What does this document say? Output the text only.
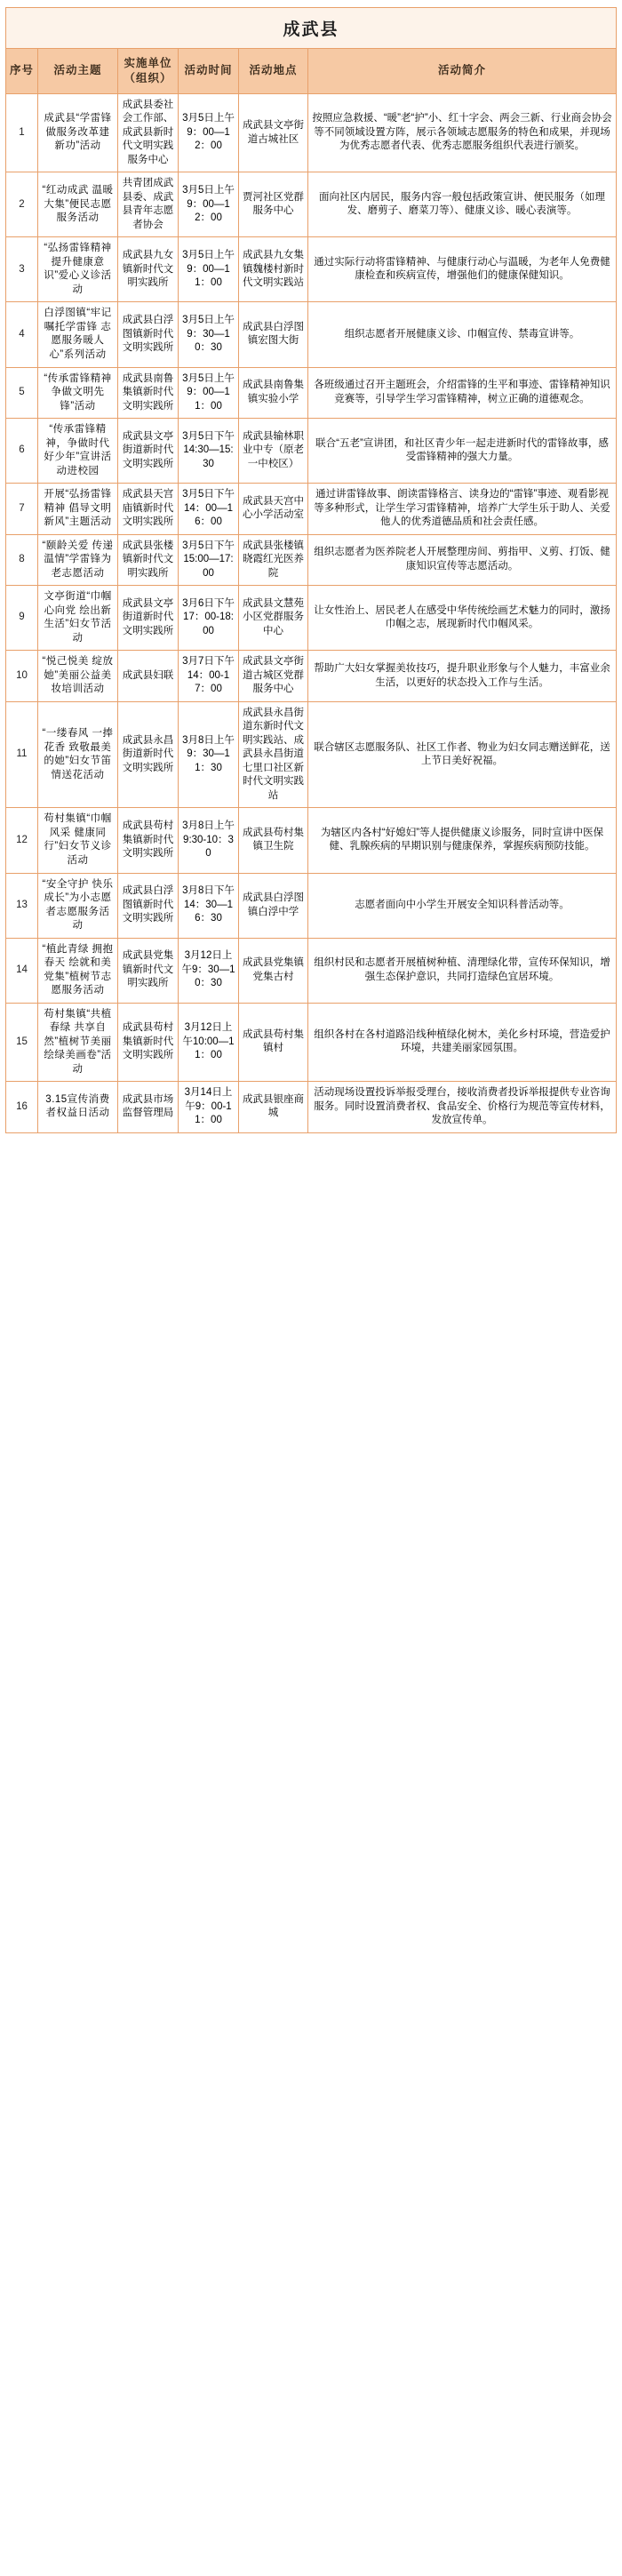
成武县
序号	活动主题	实施单位（组织）	活动时间	活动地点	活动简介
1	成武县“学雷锋 做服务改革建新功”活动	成武县委社会工作部、成武县新时代文明实践服务中心	3月5日上午9：00—12：00	成武县文亭街道古城社区	按照应急救援、“暖”老“护”小、红十字会、两会三新、行业商会协会等不同领域设置方阵，展示各领域志愿服务的特色和成果，并现场为优秀志愿者代表、优秀志愿服务组织代表进行颁奖。
2	“红动成武 温暖大集”便民志愿服务活动	共青团成武县委、成武县青年志愿者协会	3月5日上午9：00—12：00	贾河社区党群服务中心	面向社区内居民，服务内容一般包括政策宣讲、便民服务（如理发、磨剪子、磨菜刀等）、健康义诊、暖心表演等。
3	“弘扬雷锋精神 提升健康意识”爱心义诊活动	成武县九女镇新时代文明实践所	3月5日上午9：00—11：00	成武县九女集镇魏楼村新时代文明实践站	通过实际行动将雷锋精神、与健康行动心与温暖，为老年人免费健康检查和疾病宣传，增强他们的健康保健知识。
4	白浮图镇“牢记嘱托学雷锋 志愿服务暖人心”系列活动	成武县白浮图镇新时代文明实践所	3月5日上午9：30—10：30	成武县白浮图镇宏图大街	组织志愿者开展健康义诊、巾帼宣传、禁毒宣讲等。
5	“传承雷锋精神 争做文明先锋”活动	成武县南鲁集镇新时代文明实践所	3月5日上午9：00—11：00	成武县南鲁集镇实验小学	各班级通过召开主题班会，介绍雷锋的生平和事迹、雷锋精神知识竞赛等，引导学生学习雷锋精神，树立正确的道德观念。
6	“传承雷锋精神，争做时代好少年”宣讲活动进校园	成武县文亭街道新时代文明实践所	3月5日下午14:30—15:30	成武县输林职业中专（原老一中校区）	联合“五老”宣讲团，和社区青少年一起走进新时代的雷锋故事，感受雷锋精神的强大力量。
7	开展“弘扬雷锋精神 倡导文明新风”主题活动	成武县天宫庙镇新时代文明实践所	3月5日下午14：00—16：00	成武县天宫中心小学活动室	通过讲雷锋故事、朗读雷锋格言、读身边的“雷锋”事迹、观看影视等多种形式，让学生学习雷锋精神，培养广大学生乐于助人、关爱他人的优秀道德品质和社会责任感。
8	“颐龄关爱 传递温情”学雷锋为老志愿活动	成武县张楼镇新时代文明实践所	3月5日下午15:00—17:00	成武县张楼镇晓霞红光医养院	组织志愿者为医养院老人开展整理房间、剪指甲、义剪、打饭、健康知识宣传等志愿活动。
9	文亭街道“巾帼心向党 绘出新生活”妇女节活动	成武县文亭街道新时代文明实践所	3月6日下午17：00-18:00	成武县文慧苑小区党群服务中心	让女性治上、居民老人在感受中华传统绘画艺术魅力的同时，激扬巾帼之志，展现新时代巾帼风采。
10	“悦己悦美 绽放她”美丽公益美妆培训活动	成武县妇联	3月7日下午14：00-17：00	成武县文亭街道古城区党群服务中心	帮助广大妇女掌握美妆技巧，提升职业形象与个人魅力，丰富业余生活，以更好的状态投入工作与生活。
11	“一缕春风 一捧花香 致敬最美的她”妇女节笛情送花活动	成武县永昌街道新时代文明实践所	3月8日上午9：30—11：30	成武县永昌街道东新时代文明实践站、成武县永昌街道七里口社区新时代文明实践站	联合辖区志愿服务队、社区工作者、物业为妇女同志赠送鲜花，送上节日美好祝福。
12	苟村集镇“巾帼风采 健康同行”妇女节义诊活动	成武县苟村集镇新时代文明实践所	3月8日上午9:30-10：30	成武县苟村集镇卫生院	为辖区内各村“好媳妇”等人提供健康义诊服务，同时宣讲中医保健、乳腺疾病的早期识别与健康保养，掌握疾病预防技能。
13	“安全守护 快乐成长”为小志愿者志愿服务活动	成武县白浮图镇新时代文明实践所	3月8日下午14：30—16：30	成武县白浮图镇白浮中学	志愿者面向中小学生开展安全知识科普活动等。
14	“植此青绿 拥抱春天 绘就和美党集”植树节志愿服务活动	成武县党集镇新时代文明实践所	3月12日上午9：30—10：30	成武县党集镇党集古村	组织村民和志愿者开展植树种植、清理绿化带，宣传环保知识，增强生态保护意识，共同打造绿色宜居环境。
15	苟村集镇“共植春绿 共享自然”植树节美丽绘绿美画卷”活动	成武县苟村集镇新时代文明实践所	3月12日上午10:00—11：00	成武县苟村集镇村	组织各村在各村道路沿线种植绿化树木，美化乡村环境，营造爱护环境，共建美丽家园氛围。
16	3.15宣传消费者权益日活动	成武县市场监督管理局	3月14日上午9：00-11：00	成武县银座商城	活动现场设置投诉举报受理台，接收消费者投诉举报提供专业咨询服务。同时设置消费者权、食品安全、价格行为规范等宣传材料，发放宣传单。
